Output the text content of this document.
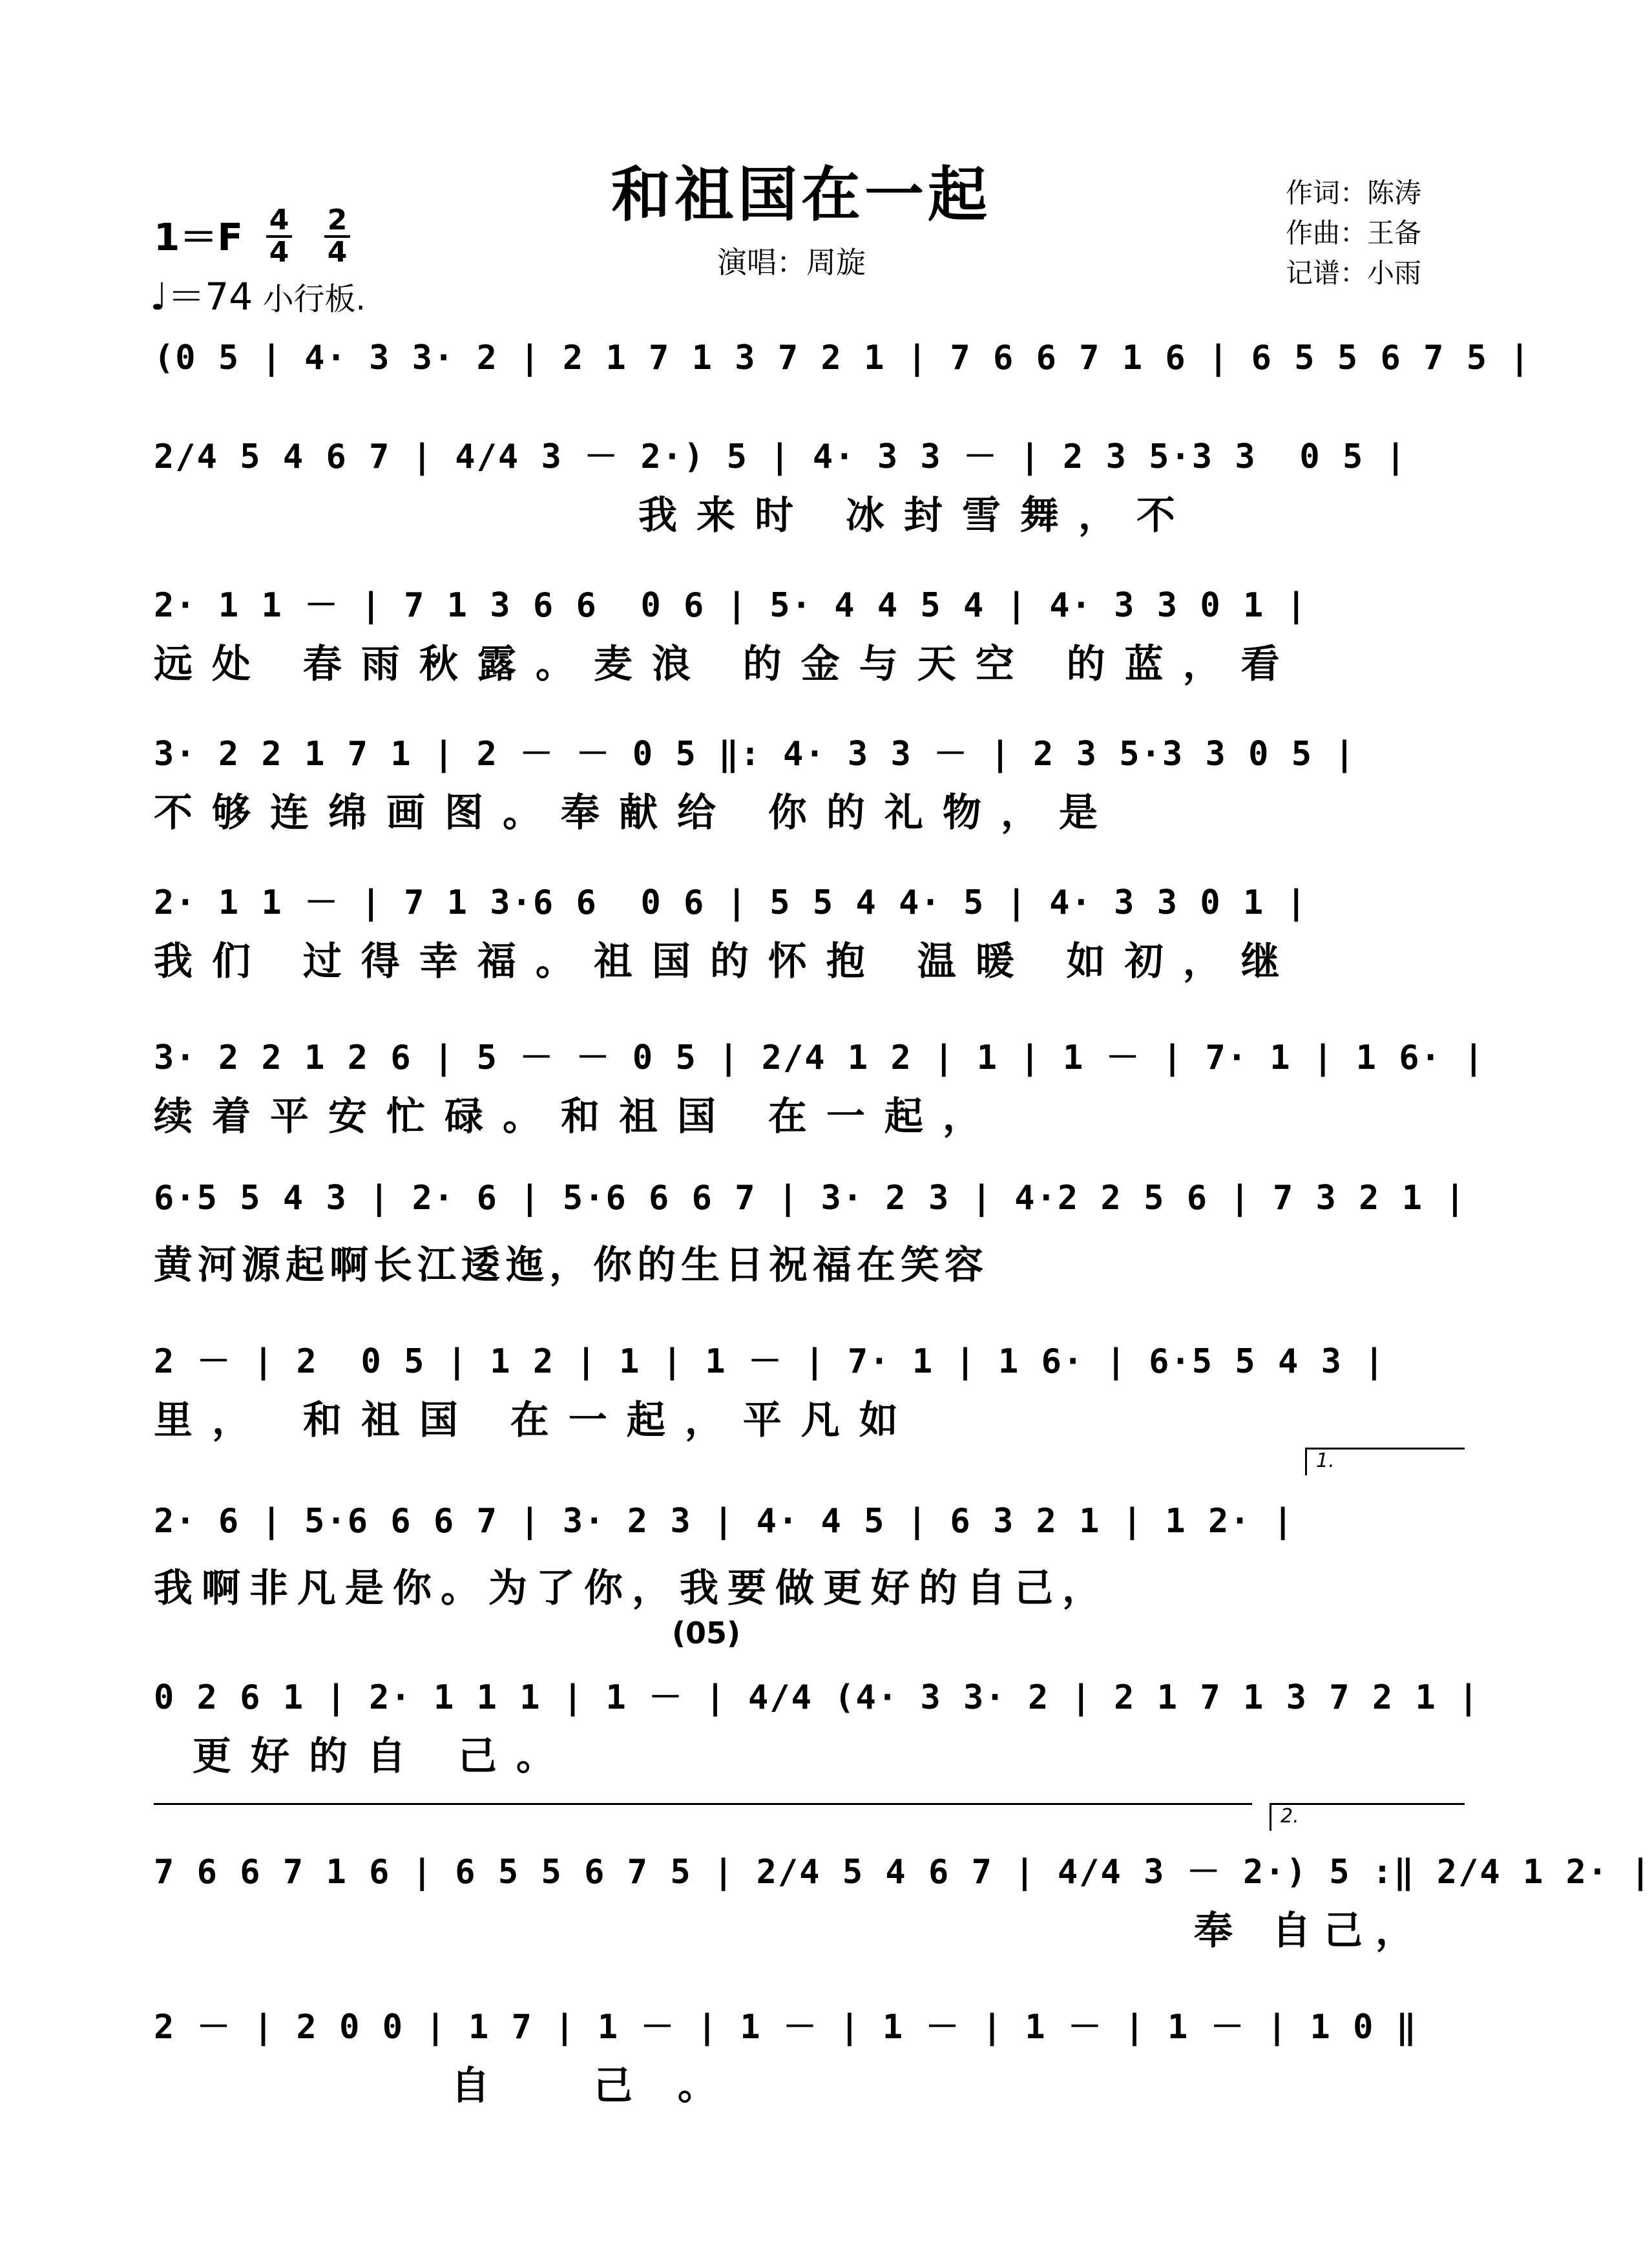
和祖国在一起
演唱：周旋
作词：陈涛
作曲：王备
记谱：小雨
1＝F 4
4
2
4
♩＝74 小行板.
(0 5 | 4· 3 3· 2 | 2 1 7 1 3 7 2 1 | 7 6 6 7 1 6 | 6 5 5 6 7 5 |
2/4 5 4 6 7 | 4/4 3 － 2·) 5 | 4· 3 3 － | 2 3 5·3 3  0 5 |
我来时 冰封雪舞，不
2· 1 1 － | 7 1 3 6 6  0 6 | 5· 4 4 5 4 | 4· 3 3 0 1 |
远处 春雨秋露。麦浪 的金与天空 的蓝，看
3· 2 2 1 7 1 | 2 － － 0 5 ‖: 4· 3 3 － | 2 3 5·3 3 0 5 |
不够连绵画图。奉献给 你的礼物，是
2· 1 1 － | 7 1 3·6 6  0 6 | 5 5 4 4· 5 | 4· 3 3 0 1 |
我们 过得幸福。祖国的怀抱 温暖 如初，继
3· 2 2 1 2 6 | 5 － － 0 5 | 2/4 1 2 | 1 | 1 － | 7· 1 | 1 6· |
续着平安忙碌。和祖国 在一起，
6·5 5 4 3 | 2· 6 | 5·6 6 6 7 | 3· 2 3 | 4·2 2 5 6 | 7 3 2 1 |
黄河源起啊长江逶迤，你的生日祝福在笑容
2 － | 2  0 5 | 1 2 | 1 | 1 － | 7· 1 | 1 6· | 6·5 5 4 3 |
里， 和祖国 在一起，平凡如
1.
2· 6 | 5·6 6 6 7 | 3· 2 3 | 4· 4 5 | 6 3 2 1 | 1 2· |
我啊非凡是你。为了你，我要做更好的自己，
(05)
0 2 6 1 | 2· 1 1 1 | 1 － | 4/4 (4· 3 3· 2 | 2 1 7 1 3 7 2 1 |
更好的自 己。
2.
7 6 6 7 1 6 | 6 5 5 6 7 5 | 2/4 5 4 6 7 | 4/4 3 － 2·) 5 :‖ 2/4 1 2· |
奉 自己，
2 － | 2 0 0 | 1 7 | 1 － | 1 － | 1 － | 1 － | 1 － | 1 0 ‖
自 己。
